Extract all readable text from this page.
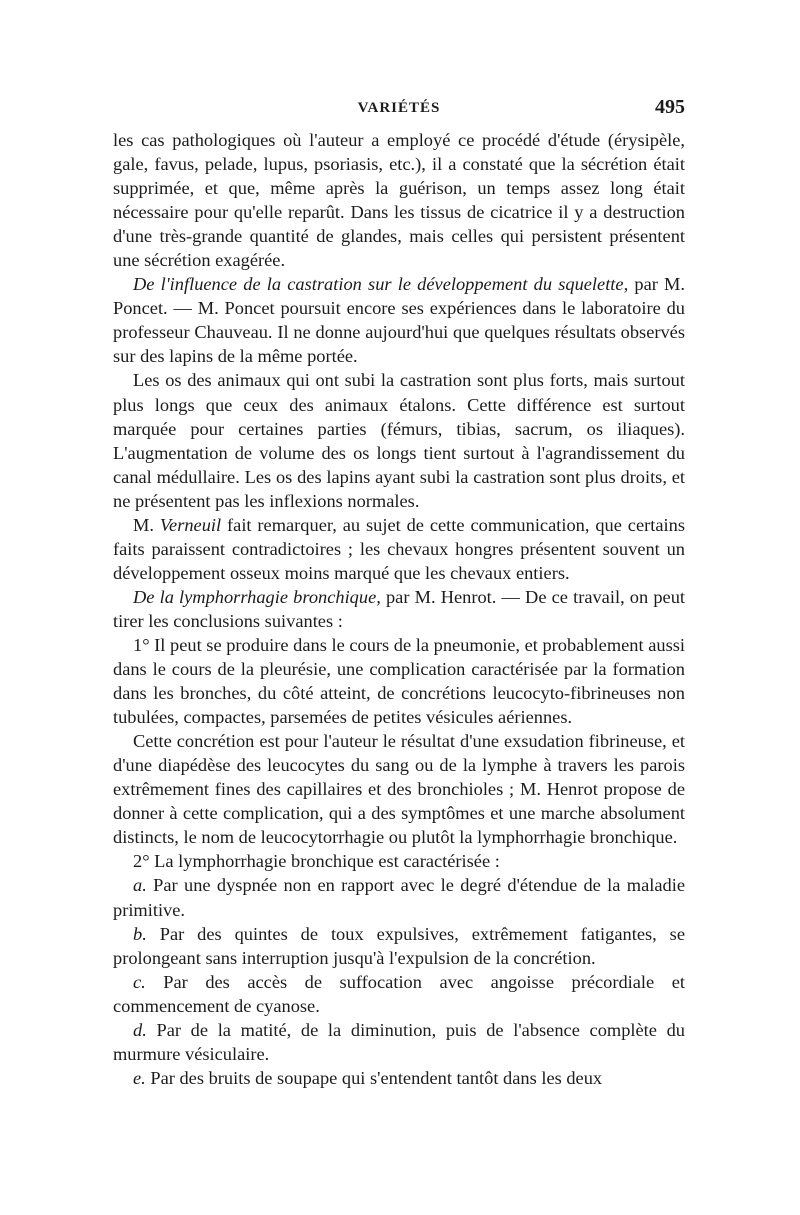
VARIÉTÉS	495

les cas pathologiques où l'auteur a employé ce procédé d'étude (érysipèle, gale, favus, pelade, lupus, psoriasis, etc.), il a constaté que la sécrétion était supprimée, et que, même après la guérison, un temps assez long était nécessaire pour qu'elle reparût. Dans les tissus de cicatrice il y a destruction d'une très-grande quantité de glandes, mais celles qui persistent présentent une sécrétion exagérée.

De l'influence de la castration sur le développement du squelette, par M. Poncet. — M. Poncet poursuit encore ses expériences dans le laboratoire du professeur Chauveau. Il ne donne aujourd'hui que quelques résultats observés sur des lapins de la même portée.

Les os des animaux qui ont subi la castration sont plus forts, mais surtout plus longs que ceux des animaux étalons. Cette différence est surtout marquée pour certaines parties (fémurs, tibias, sacrum, os iliaques). L'augmentation de volume des os longs tient surtout à l'agrandissement du canal médullaire. Les os des lapins ayant subi la castration sont plus droits, et ne présentent pas les inflexions normales.

M. Verneuil fait remarquer, au sujet de cette communication, que certains faits paraissent contradictoires ; les chevaux hongres présentent souvent un développement osseux moins marqué que les chevaux entiers.

De la lymphorrhagie bronchique, par M. Henrot. — De ce travail, on peut tirer les conclusions suivantes :

1° Il peut se produire dans le cours de la pneumonie, et probablement aussi dans le cours de la pleurésie, une complication caractérisée par la formation dans les bronches, du côté atteint, de concrétions leucocyto-fibrineuses non tubulées, compactes, parsemées de petites vésicules aériennes.

Cette concrétion est pour l'auteur le résultat d'une exsudation fibrineuse, et d'une diapédèse des leucocytes du sang ou de la lymphe à travers les parois extrêmement fines des capillaires et des bronchioles ; M. Henrot propose de donner à cette complication, qui a des symptômes et une marche absolument distincts, le nom de leucocytorrhagie ou plutôt la lymphorrhagie bronchique.

2° La lymphorrhagie bronchique est caractérisée :

a. Par une dyspnée non en rapport avec le degré d'étendue de la maladie primitive.

b. Par des quintes de toux expulsives, extrêmement fatigantes, se prolongeant sans interruption jusqu'à l'expulsion de la concrétion.

c. Par des accès de suffocation avec angoisse précordiale et commencement de cyanose.

d. Par de la matité, de la diminution, puis de l'absence complète du murmure vésiculaire.

e. Par des bruits de soupape qui s'entendent tantôt dans les deux
